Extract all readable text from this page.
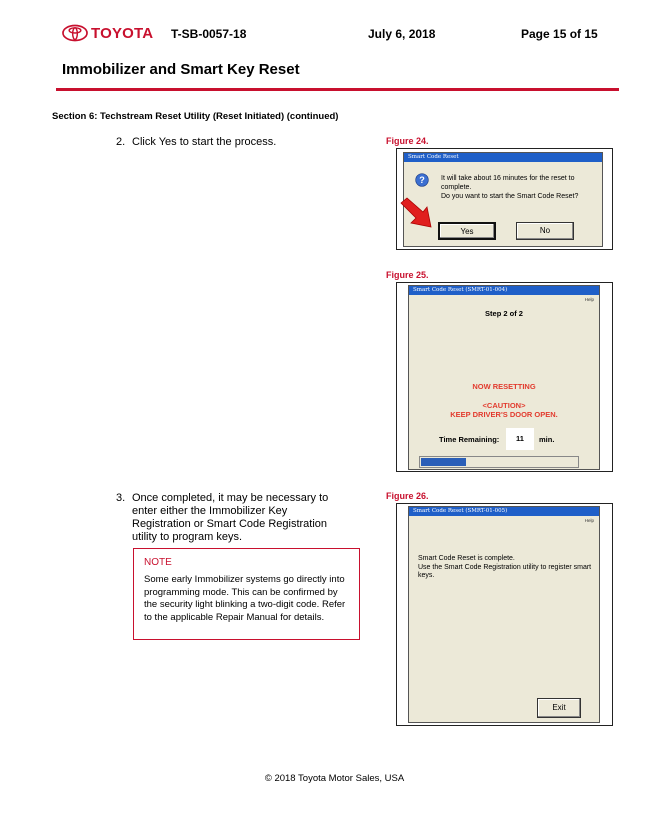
TOYOTA T-SB-0057-18	July 6, 2018	Page 15 of 15
Immobilizer and Smart Key Reset
Section 6: Techstream Reset Utility (Reset Initiated) (continued)
2. Click Yes to start the process.
3. Once completed, it may be necessary to enter either the Immobilizer Key Registration or Smart Code Registration utility to program keys.
NOTE
Some early Immobilizer systems go directly into programming mode. This can be confirmed by the security light blinking a two-digit code. Refer to the applicable Repair Manual for details.
Figure 24.
Smart Code Reset
? It will take about 16 minutes for the reset to complete.
Do you want to start the Smart Code Reset?
Yes	No
Figure 25.
Smart Code Reset (SMRT-01-004)
Help
Step 2 of 2
NOW RESETTING
<CAUTION>
KEEP DRIVER'S DOOR OPEN.
Time Remaining:	11	min.
Figure 26.
Smart Code Reset (SMRT-01-005)
Help
Smart Code Reset is complete.
Use the Smart Code Registration utility to register smart keys.
Exit
© 2018 Toyota Motor Sales, USA
